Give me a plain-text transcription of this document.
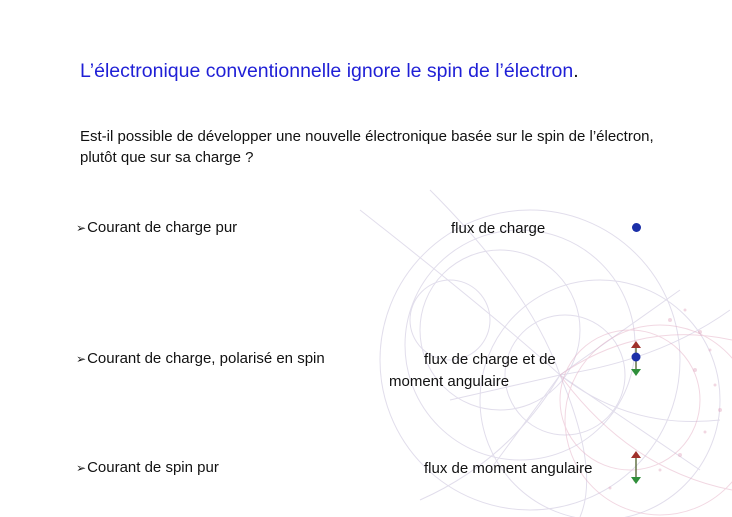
L’électronique conventionnelle ignore le spin de l’électron.
Est-il possible de développer une nouvelle électronique basée sur le spin de l’électron, plutôt que sur sa charge ?
➢Courant de charge pur	flux de charge
➢Courant de charge, polarisé en spin	flux de charge et de
moment angulaire
➢Courant de spin pur	flux de moment angulaire
